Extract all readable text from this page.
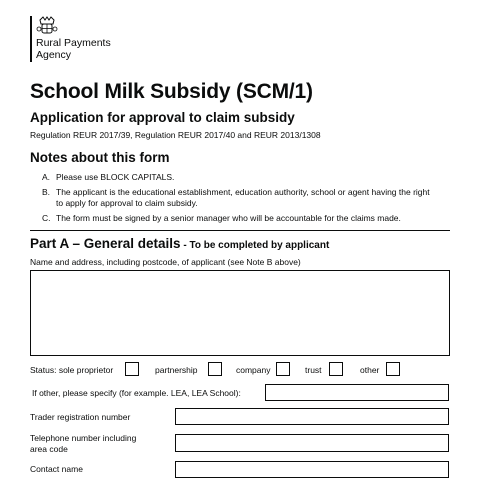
Rural Payments
Agency
School Milk Subsidy (SCM/1)
Application for approval to claim subsidy
Regulation REUR 2017/39, Regulation REUR 2017/40 and REUR 2013/1308
Notes about this form
A. Please use BLOCK CAPITALS.
B. The applicant is the educational establishment, education authority, school or agent having the right to apply for approval to claim subsidy.
C. The form must be signed by a senior manager who will be accountable for the claims made.
Part A – General details - To be completed by applicant
Name and address, including postcode, of applicant (see Note B above)
Status: sole proprietor	partnership	company	trust	other
If other, please specify (for example. LEA, LEA School):
Trader registration number
Telephone number including
area code
Contact name
